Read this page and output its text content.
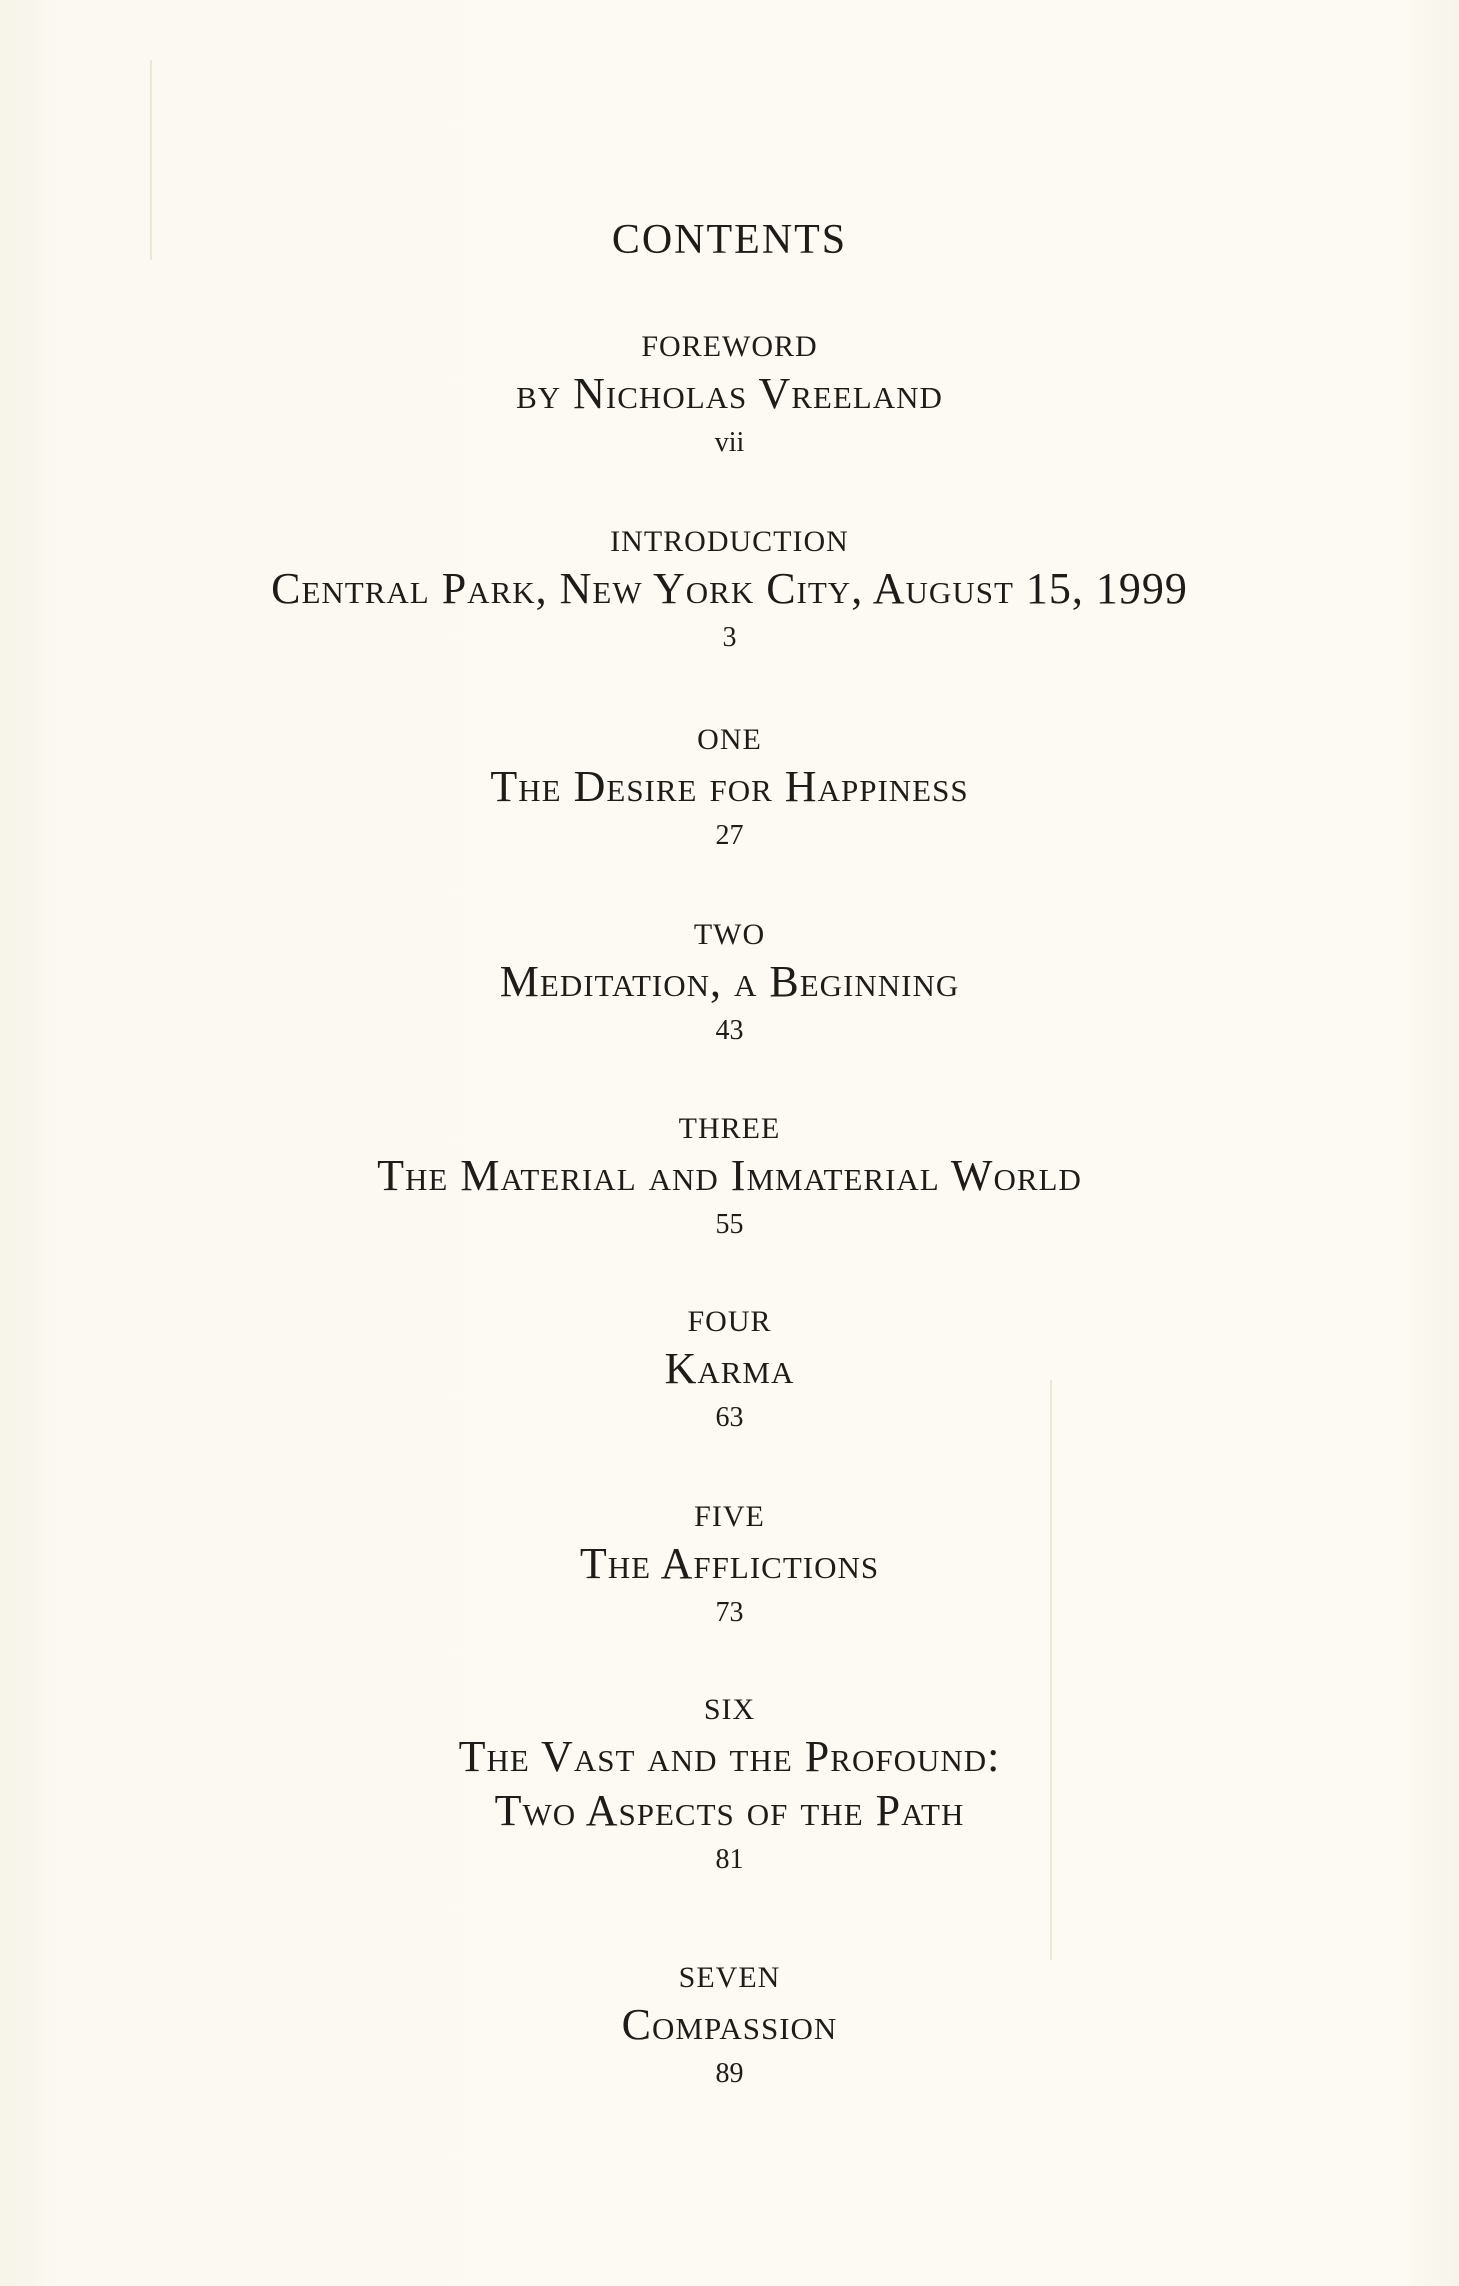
CONTENTS
FOREWORD
by Nicholas Vreeland
vii
INTRODUCTION
Central Park, New York City, August 15, 1999
3
ONE
The Desire for Happiness
27
TWO
Meditation, a Beginning
43
THREE
The Material and Immaterial World
55
FOUR
Karma
63
FIVE
The Afflictions
73
SIX
The Vast and the Profound:
Two Aspects of the Path
81
SEVEN
Compassion
89
